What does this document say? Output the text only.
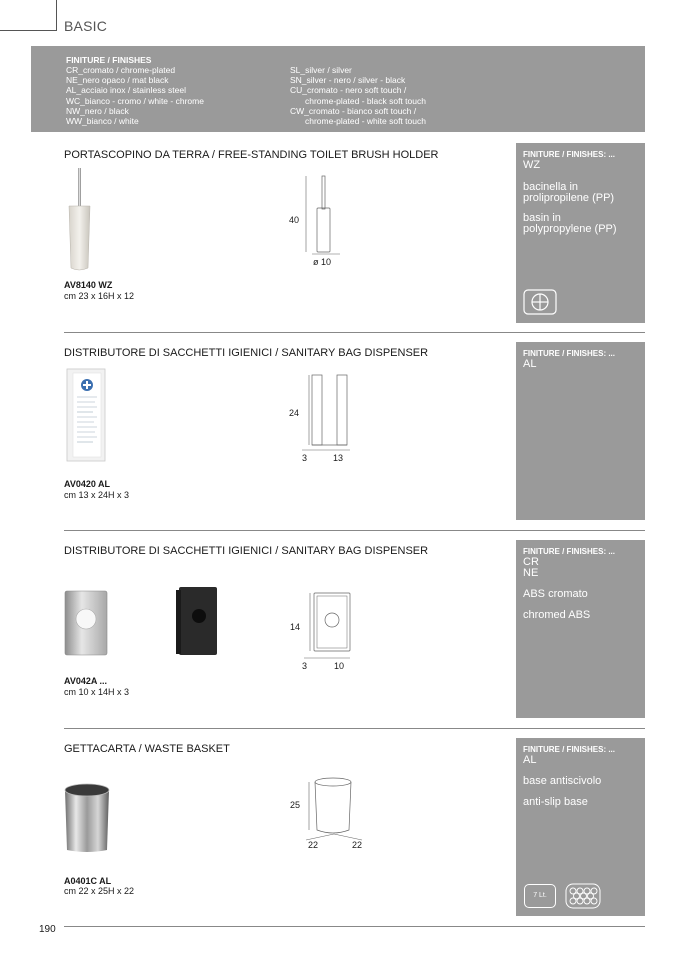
BASIC
FINITURE / FINISHES
CR_cromato / chrome-plated
NE_nero opaco / mat black
AL_acciaio inox / stainless steel
WC_bianco - cromo / white - chrome
NW_nero / black
WW_bianco / white
SL_silver / silver
SN_silver - nero / silver - black
CU_cromato - nero soft touch /
chrome-plated - black soft touch
CW_cromato - bianco soft touch /
chrome-plated - white soft touch
PORTASCOPINO DA TERRA / FREE-STANDING TOILET BRUSH HOLDER
40
ø 10
AV8140 WZ
cm 23 x 16H x 12
FINITURE / FINISHES: ...
WZ
bacinella in
prolipropilene (PP)
basin in
polypropylene (PP)
DISTRIBUTORE DI SACCHETTI IGIENICI / SANITARY BAG DISPENSER
24
3	13
AV0420 AL
cm 13 x 24H x 3
FINITURE / FINISHES: ...
AL
DISTRIBUTORE DI SACCHETTI IGIENICI / SANITARY BAG DISPENSER
14
3	10
AV042A ...
cm 10 x 14H x 3
FINITURE / FINISHES: ...
CR
NE
ABS cromato
chromed ABS
GETTACARTA / WASTE BASKET
25
22	22
A0401C AL
cm 22 x 25H x 22
FINITURE / FINISHES: ...
AL
base antiscivolo
anti-slip base
7 Lt.
190
